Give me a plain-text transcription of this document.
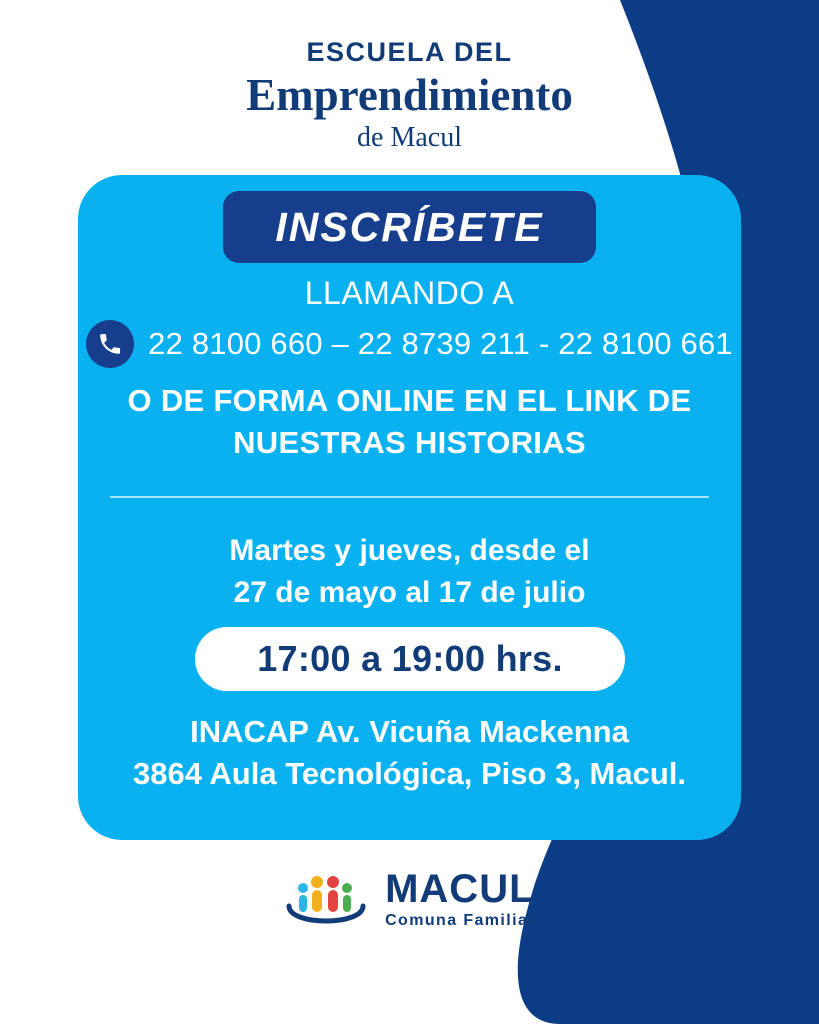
ESCUELA DEL
Emprendimiento
de Macul
INSCRÍBETE
LLAMANDO A
22 8100 660 – 22 8739 211 - 22 8100 661
O DE FORMA ONLINE EN EL LINK DE
NUESTRAS HISTORIAS
Martes y jueves, desde el
27 de mayo al 17 de julio
17:00 a 19:00 hrs.
INACAP Av. Vicuña Mackenna
3864 Aula Tecnológica, Piso 3, Macul.
MACUL
Comuna Familiar
